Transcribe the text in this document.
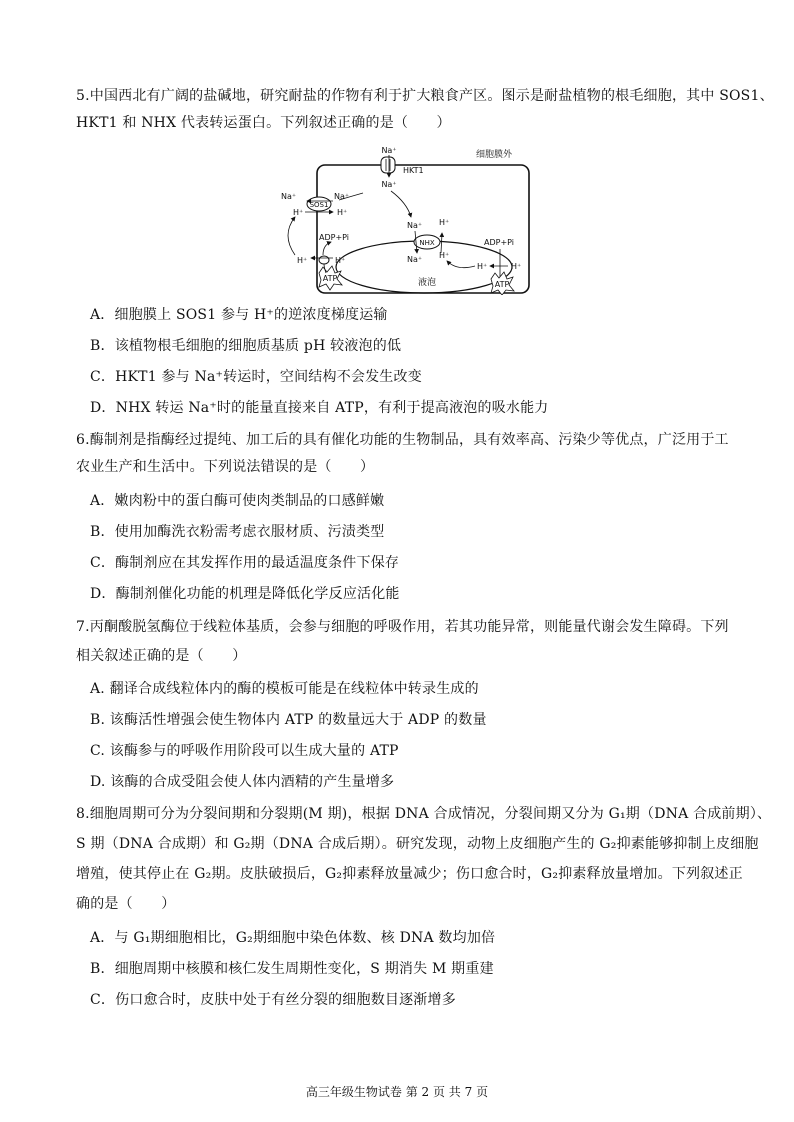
5.中国西北有广阔的盐碱地，研究耐盐的作物有利于扩大粮食产区。图示是耐盐植物的根毛细胞，其中 SOS1、
HKT1 和 NHX 代表转运蛋白。下列叙述正确的是（　　）
细胞膜外
液泡
Na⁺
HKT1
Na⁺
SOS1
Na⁺	Na⁺
H⁺	H⁺
ADP+Pi
H⁺	H⁺
ATP
Na⁺ H⁺
NHX
Na⁺ H⁺
ADP+Pi
H⁺	H⁺
ATP
A．细胞膜上 SOS1 参与 H⁺的逆浓度梯度运输
B．该植物根毛细胞的细胞质基质 pH 较液泡的低
C．HKT1 参与 Na⁺转运时，空间结构不会发生改变
D．NHX 转运 Na⁺时的能量直接来自 ATP，有利于提高液泡的吸水能力
6.酶制剂是指酶经过提纯、加工后的具有催化功能的生物制品，具有效率高、污染少等优点，广泛用于工
农业生产和生活中。下列说法错误的是（　　）
A．嫩肉粉中的蛋白酶可使肉类制品的口感鲜嫩
B．使用加酶洗衣粉需考虑衣服材质、污渍类型
C．酶制剂应在其发挥作用的最适温度条件下保存
D．酶制剂催化功能的机理是降低化学反应活化能
7.丙酮酸脱氢酶位于线粒体基质，会参与细胞的呼吸作用，若其功能异常，则能量代谢会发生障碍。下列
相关叙述正确的是（　　）
A. 翻译合成线粒体内的酶的模板可能是在线粒体中转录生成的
B. 该酶活性增强会使生物体内 ATP 的数量远大于 ADP 的数量
C. 该酶参与的呼吸作用阶段可以生成大量的 ATP
D. 该酶的合成受阻会使人体内酒精的产生量增多
8.细胞周期可分为分裂间期和分裂期(M 期)，根据 DNA 合成情况，分裂间期又分为 G₁期（DNA 合成前期）、
S 期（DNA 合成期）和 G₂期（DNA 合成后期）。研究发现，动物上皮细胞产生的 G₂抑素能够抑制上皮细胞
增殖，使其停止在 G₂期。皮肤破损后，G₂抑素释放量减少；伤口愈合时，G₂抑素释放量增加。下列叙述正
确的是（　　）
A．与 G₁期细胞相比，G₂期细胞中染色体数、核 DNA 数均加倍
B．细胞周期中核膜和核仁发生周期性变化，S 期消失 M 期重建
C．伤口愈合时，皮肤中处于有丝分裂的细胞数目逐渐增多
高三年级生物试卷 第 2 页 共 7 页
